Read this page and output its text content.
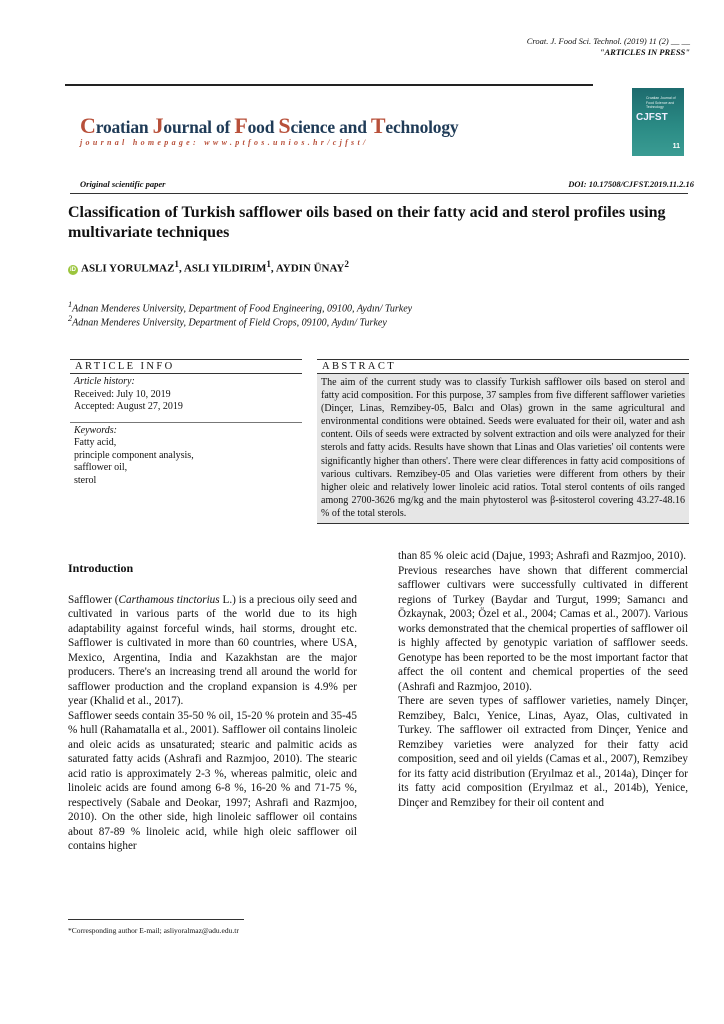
Croat. J. Food Sci. Technol. (2019) 11 (2) __ __
"ARTICLES IN PRESS"
Croatian Journal of Food Science and Technology
journal homepage: www.ptfos.unios.hr/cjfst/
Croatian Journal of Food Science and Technology
CJFST
11
Original scientific paper	DOI: 10.17508/CJFST.2019.11.2.16
Classification of Turkish safflower oils based on their fatty acid and sterol profiles using multivariate techniques
iD ASLI YORULMAZ$^1$, ASLI YILDIRIM$^1$, AYDIN ÜNAY$^2$
$^1$Adnan Menderes University, Department of Food Engineering, 09100, Aydın/ Turkey
$^2$Adnan Menderes University, Department of Field Crops, 09100, Aydın/ Turkey
ARTICLE INFO
Article history:
Received: July 10, 2019
Accepted: August 27, 2019
Keywords:
Fatty acid,
principle component analysis,
safflower oil,
sterol
ABSTRACT
The aim of the current study was to classify Turkish safflower oils based on sterol and fatty acid composition. For this purpose, 37 samples from five different safflower varieties (Dinçer, Linas, Remzibey-05, Balcı and Olas) grown in the same agricultural and environmental conditions were obtained. Seeds were evaluated for their oil, water and ash content. Oils of seeds were extracted by solvent extraction and oils were analyzed for their sterols and fatty acids. Results have shown that Linas and Olas varieties' oil contents were significantly higher than others'. There were clear differences in fatty acid compositions of various cultivars. Remzibey-05 and Olas varieties were different from others by their higher oleic and relatively lower linoleic acid ratios. Total sterol contents of oils ranged among 2700-3626 mg/kg and the main phytosterol was β-sitosterol covering 43.27-48.16 % of the total sterols.

Introduction

Safflower (Carthamous tinctorius L.) is a precious oily seed and cultivated in various parts of the world due to its high adaptability against forceful winds, hail storms, drought etc. Safflower is cultivated in more than 60 countries, where USA, Mexico, Argentina, India and Kazakhstan are the major producers. There's an increasing trend all around the world for safflower production and the cropland expansion is 4.9% per year (Khalid et al., 2017).

Safflower seeds contain 35-50 % oil, 15-20 % protein and 35-45 % hull (Rahamatalla et al., 2001). Safflower oil contains linoleic and oleic acids as unsaturated; stearic and palmitic acids as saturated fatty acids (Ashrafi and Razmjoo, 2010). The stearic acid ratio is approximately 2-3 %, whereas palmitic, oleic and linoleic acids are found among 6-8 %, 16-20 % and 71-75 %, respectively (Sabale and Deokar, 1997; Ashrafi and Razmjoo, 2010). On the other side, high linoleic safflower oil contains about 87-89 % linoleic acid, while high oleic safflower oil contains higher

than 85 % oleic acid (Dajue, 1993; Ashrafi and Razmjoo, 2010).

Previous researches have shown that different commercial safflower cultivars were successfully cultivated in different regions of Turkey (Baydar and Turgut, 1999; Samancı and Özkaynak, 2003; Özel et al., 2004; Camas et al., 2007). Various works demonstrated that the chemical properties of safflower oil is highly affected by genotypic variation of safflower seeds. Genotype has been reported to be the most important factor that affect the oil content and chemical properties of the seed (Ashrafi and Razmjoo, 2010).

There are seven types of safflower varieties, namely Dinçer, Remzibey, Balcı, Yenice, Linas, Ayaz, Olas, cultivated in Turkey. The safflower oil extracted from Dinçer, Yenice and Remzibey varieties were analyzed for their fatty acid composition, seed and oil yields (Camas et al., 2007), Remzibey for its fatty acid distribution (Eryılmaz et al., 2014a), Dinçer for its fatty acid composition (Eryılmaz et al., 2014b), Yenice, Dinçer and Remzibey for their oil content and

*Corresponding author E-mail; asliyoralmaz@adu.edu.tr
